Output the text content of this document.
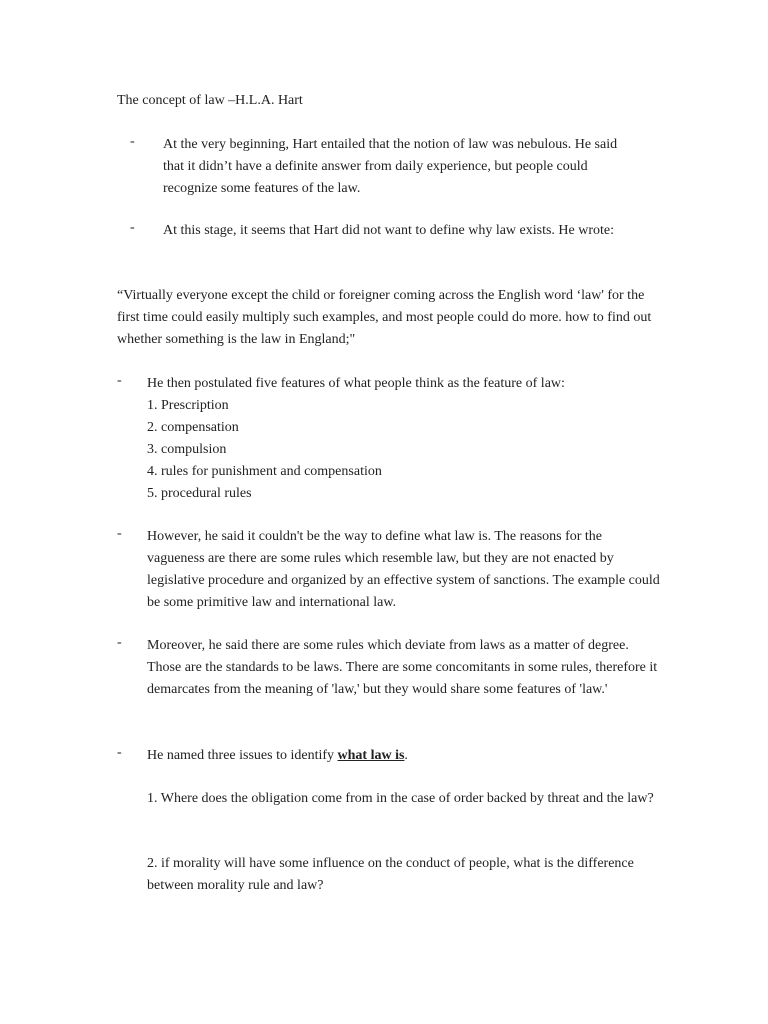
The concept of law –H.L.A. Hart
-	At the very beginning, Hart entailed that the notion of law was nebulous. He said that it didn’t have a definite answer from daily experience, but people could recognize some features of the law.
-	At this stage, it seems that Hart did not want to define why law exists. He wrote:
“Virtually everyone except the child or foreigner coming across the English word ‘law' for the first time could easily multiply such examples, and most people could do more. how to find out whether something is the law in England;"
-	He then postulated five features of what people think as the feature of law:
1. Prescription
2. compensation
3. compulsion
4. rules for punishment and compensation
5. procedural rules
-	However, he said it couldn't be the way to define what law is. The reasons for the vagueness are there are some rules which resemble law, but they are not enacted by legislative procedure and organized by an effective system of sanctions. The example could be some primitive law and international law.
-	Moreover, he said there are some rules which deviate from laws as a matter of degree. Those are the standards to be laws. There are some concomitants in some rules, therefore it demarcates from the meaning of 'law,' but they would share some features of 'law.'
-	He named three issues to identify what law is.
1. Where does the obligation come from in the case of order backed by threat and the law?
2. if morality will have some influence on the conduct of people, what is the difference between morality rule and law?
